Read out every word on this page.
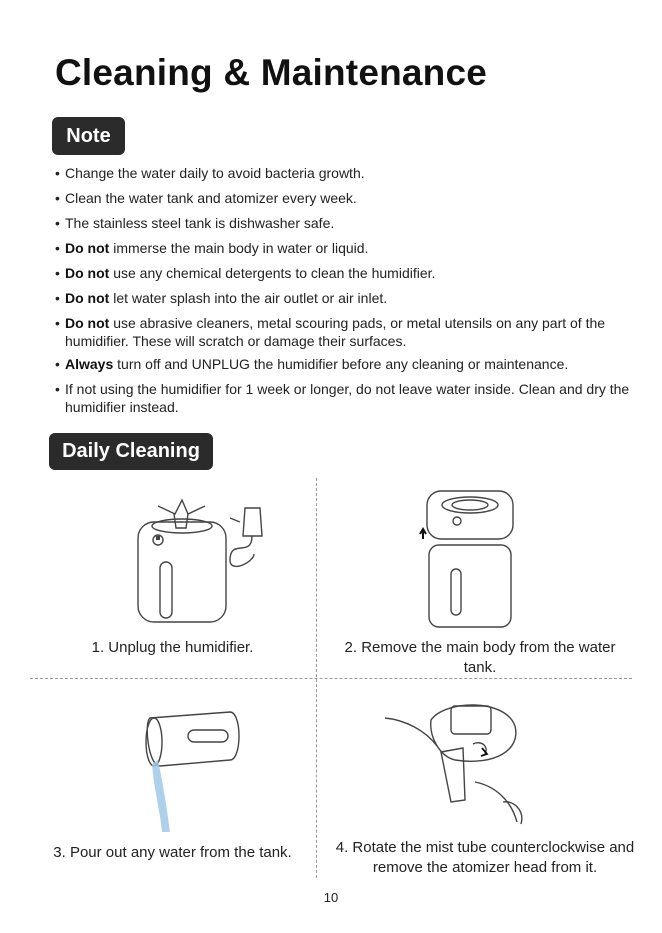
Cleaning & Maintenance
Note
• Change the water daily to avoid bacteria growth.
• Clean the water tank and atomizer every week.
• The stainless steel tank is dishwasher safe.
• Do not immerse the main body in water or liquid.
• Do not use any chemical detergents to clean the humidifier.
• Do not let water splash into the air outlet or air inlet.
• Do not use abrasive cleaners, metal scouring pads, or metal utensils on any part of the humidifier. These will scratch or damage their surfaces.
• Always turn off and UNPLUG the humidifier before any cleaning or maintenance.
• If not using the humidifier for 1 week or longer, do not leave water inside. Clean and dry the humidifier instead.
Daily Cleaning
1. Unplug the humidifier.	2. Remove the main body from the water tank.
3. Pour out any water from the tank.	4. Rotate the mist tube counterclockwise and remove the atomizer head from it.
10
